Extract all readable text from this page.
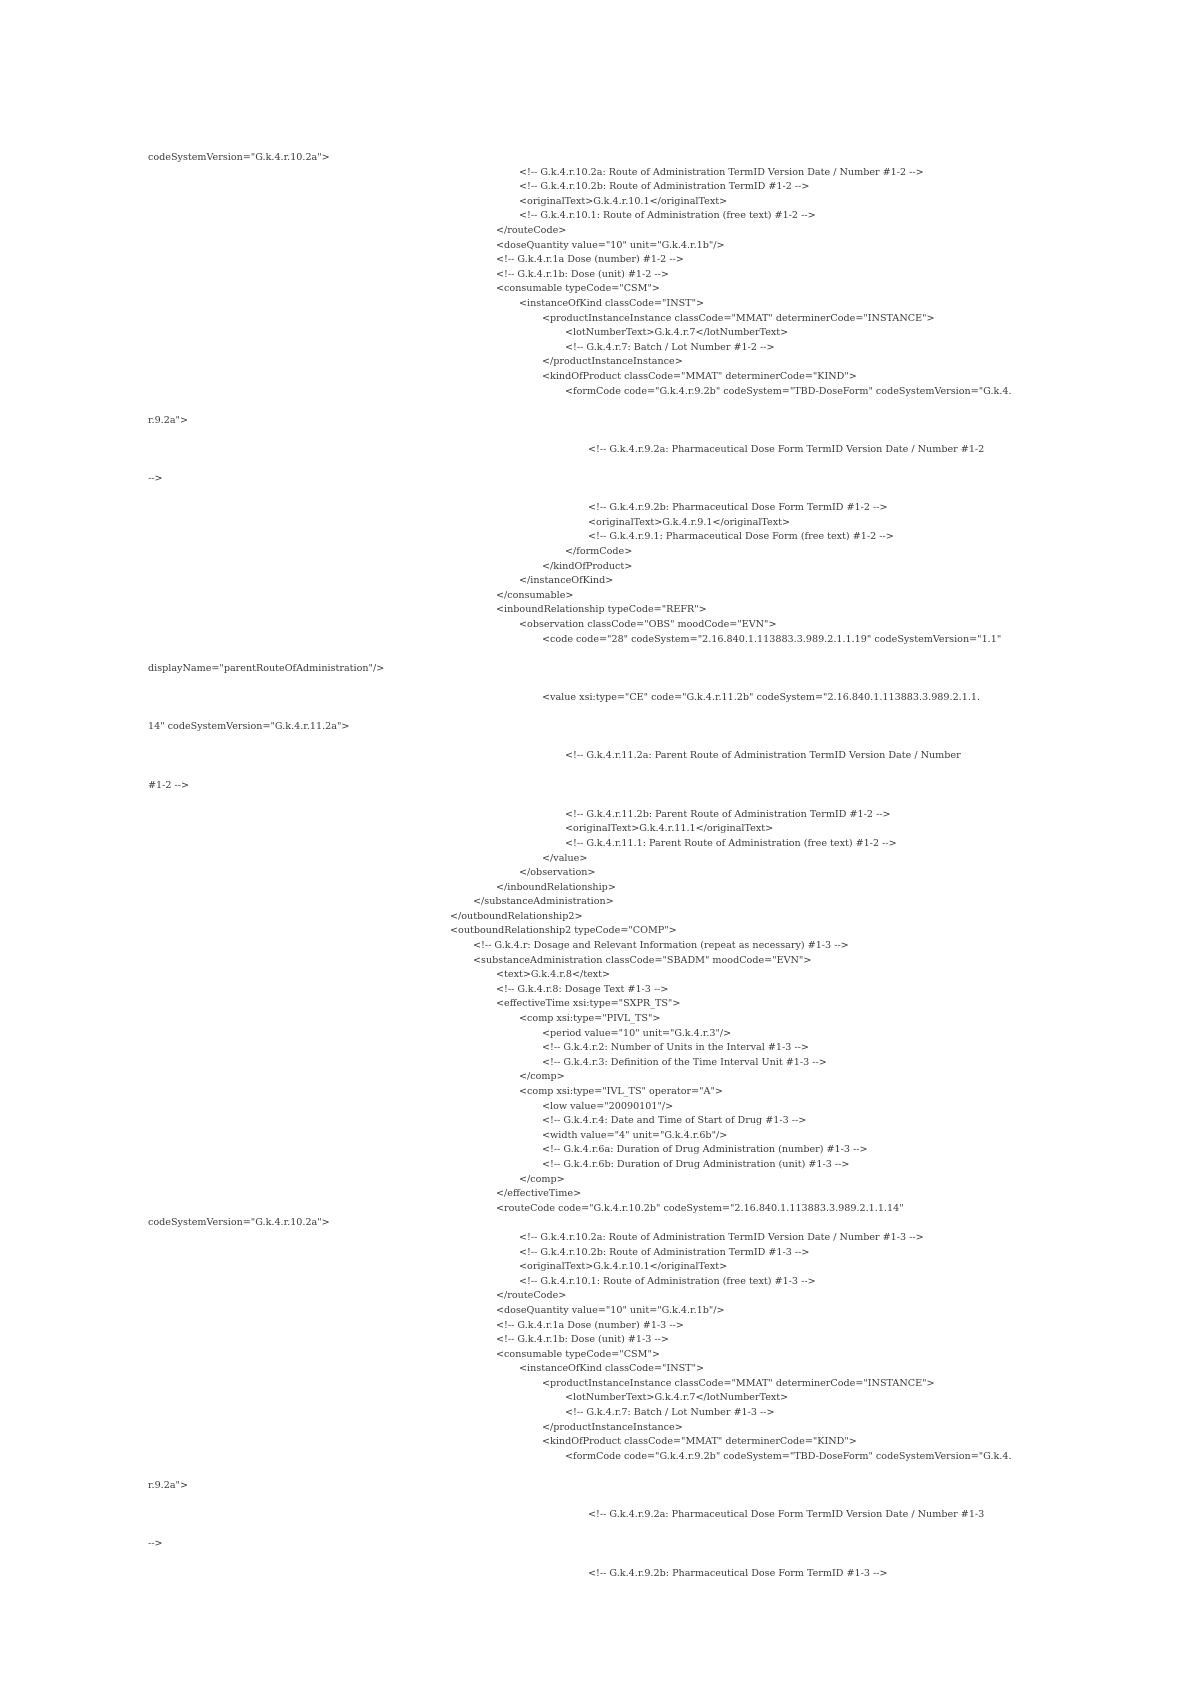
codeSystemVersion="G.k.4.r.10.2a">
<!-- G.k.4.r.10.2a: Route of Administration TermID Version Date / Number #1-2 -->
<!-- G.k.4.r.10.2b: Route of Administration TermID #1-2 -->
<originalText>G.k.4.r.10.1</originalText>
<!-- G.k.4.r.10.1: Route of Administration (free text) #1-2 -->
</routeCode>
<doseQuantity value="10" unit="G.k.4.r.1b"/>
<!-- G.k.4.r.1a Dose (number) #1-2 -->
<!-- G.k.4.r.1b: Dose (unit) #1-2 -->
<consumable typeCode="CSM">
<instanceOfKind classCode="INST">
<productInstanceInstance classCode="MMAT" determinerCode="INSTANCE">
<lotNumberText>G.k.4.r.7</lotNumberText>
<!-- G.k.4.r.7: Batch / Lot Number #1-2 -->
</productInstanceInstance>
<kindOfProduct classCode="MMAT" determinerCode="KIND">
<formCode code="G.k.4.r.9.2b" codeSystem="TBD-DoseForm" codeSystemVersion="G.k.4.
r.9.2a">
<!-- G.k.4.r.9.2a: Pharmaceutical Dose Form TermID Version Date / Number #1-2
-->
<!-- G.k.4.r.9.2b: Pharmaceutical Dose Form TermID #1-2 -->
<originalText>G.k.4.r.9.1</originalText>
<!-- G.k.4.r.9.1: Pharmaceutical Dose Form (free text) #1-2 -->
</formCode>
</kindOfProduct>
</instanceOfKind>
</consumable>
<inboundRelationship typeCode="REFR">
<observation classCode="OBS" moodCode="EVN">
<code code="28" codeSystem="2.16.840.1.113883.3.989.2.1.1.19" codeSystemVersion="1.1"
displayName="parentRouteOfAdministration"/>
<value xsi:type="CE" code="G.k.4.r.11.2b" codeSystem="2.16.840.1.113883.3.989.2.1.1.
14" codeSystemVersion="G.k.4.r.11.2a">
<!-- G.k.4.r.11.2a: Parent Route of Administration TermID Version Date / Number
#1-2 -->
<!-- G.k.4.r.11.2b: Parent Route of Administration TermID #1-2 -->
<originalText>G.k.4.r.11.1</originalText>
<!-- G.k.4.r.11.1: Parent Route of Administration (free text) #1-2 -->
</value>
</observation>
</inboundRelationship>
</substanceAdministration>
</outboundRelationship2>
<outboundRelationship2 typeCode="COMP">
<!-- G.k.4.r: Dosage and Relevant Information (repeat as necessary) #1-3 -->
<substanceAdministration classCode="SBADM" moodCode="EVN">
<text>G.k.4.r.8</text>
<!-- G.k.4.r.8: Dosage Text #1-3 -->
<effectiveTime xsi:type="SXPR_TS">
<comp xsi:type="PIVL_TS">
<period value="10" unit="G.k.4.r.3"/>
<!-- G.k.4.r.2: Number of Units in the Interval #1-3 -->
<!-- G.k.4.r.3: Definition of the Time Interval Unit #1-3 -->
</comp>
<comp xsi:type="IVL_TS" operator="A">
<low value="20090101"/>
<!-- G.k.4.r.4: Date and Time of Start of Drug #1-3 -->
<width value="4" unit="G.k.4.r.6b"/>
<!-- G.k.4.r.6a: Duration of Drug Administration (number) #1-3 -->
<!-- G.k.4.r.6b: Duration of Drug Administration (unit) #1-3 -->
</comp>
</effectiveTime>
<routeCode code="G.k.4.r.10.2b" codeSystem="2.16.840.1.113883.3.989.2.1.1.14"
codeSystemVersion="G.k.4.r.10.2a">
<!-- G.k.4.r.10.2a: Route of Administration TermID Version Date / Number #1-3 -->
<!-- G.k.4.r.10.2b: Route of Administration TermID #1-3 -->
<originalText>G.k.4.r.10.1</originalText>
<!-- G.k.4.r.10.1: Route of Administration (free text) #1-3 -->
</routeCode>
<doseQuantity value="10" unit="G.k.4.r.1b"/>
<!-- G.k.4.r.1a Dose (number) #1-3 -->
<!-- G.k.4.r.1b: Dose (unit) #1-3 -->
<consumable typeCode="CSM">
<instanceOfKind classCode="INST">
<productInstanceInstance classCode="MMAT" determinerCode="INSTANCE">
<lotNumberText>G.k.4.r.7</lotNumberText>
<!-- G.k.4.r.7: Batch / Lot Number #1-3 -->
</productInstanceInstance>
<kindOfProduct classCode="MMAT" determinerCode="KIND">
<formCode code="G.k.4.r.9.2b" codeSystem="TBD-DoseForm" codeSystemVersion="G.k.4.
r.9.2a">
<!-- G.k.4.r.9.2a: Pharmaceutical Dose Form TermID Version Date / Number #1-3
-->
<!-- G.k.4.r.9.2b: Pharmaceutical Dose Form TermID #1-3 -->
